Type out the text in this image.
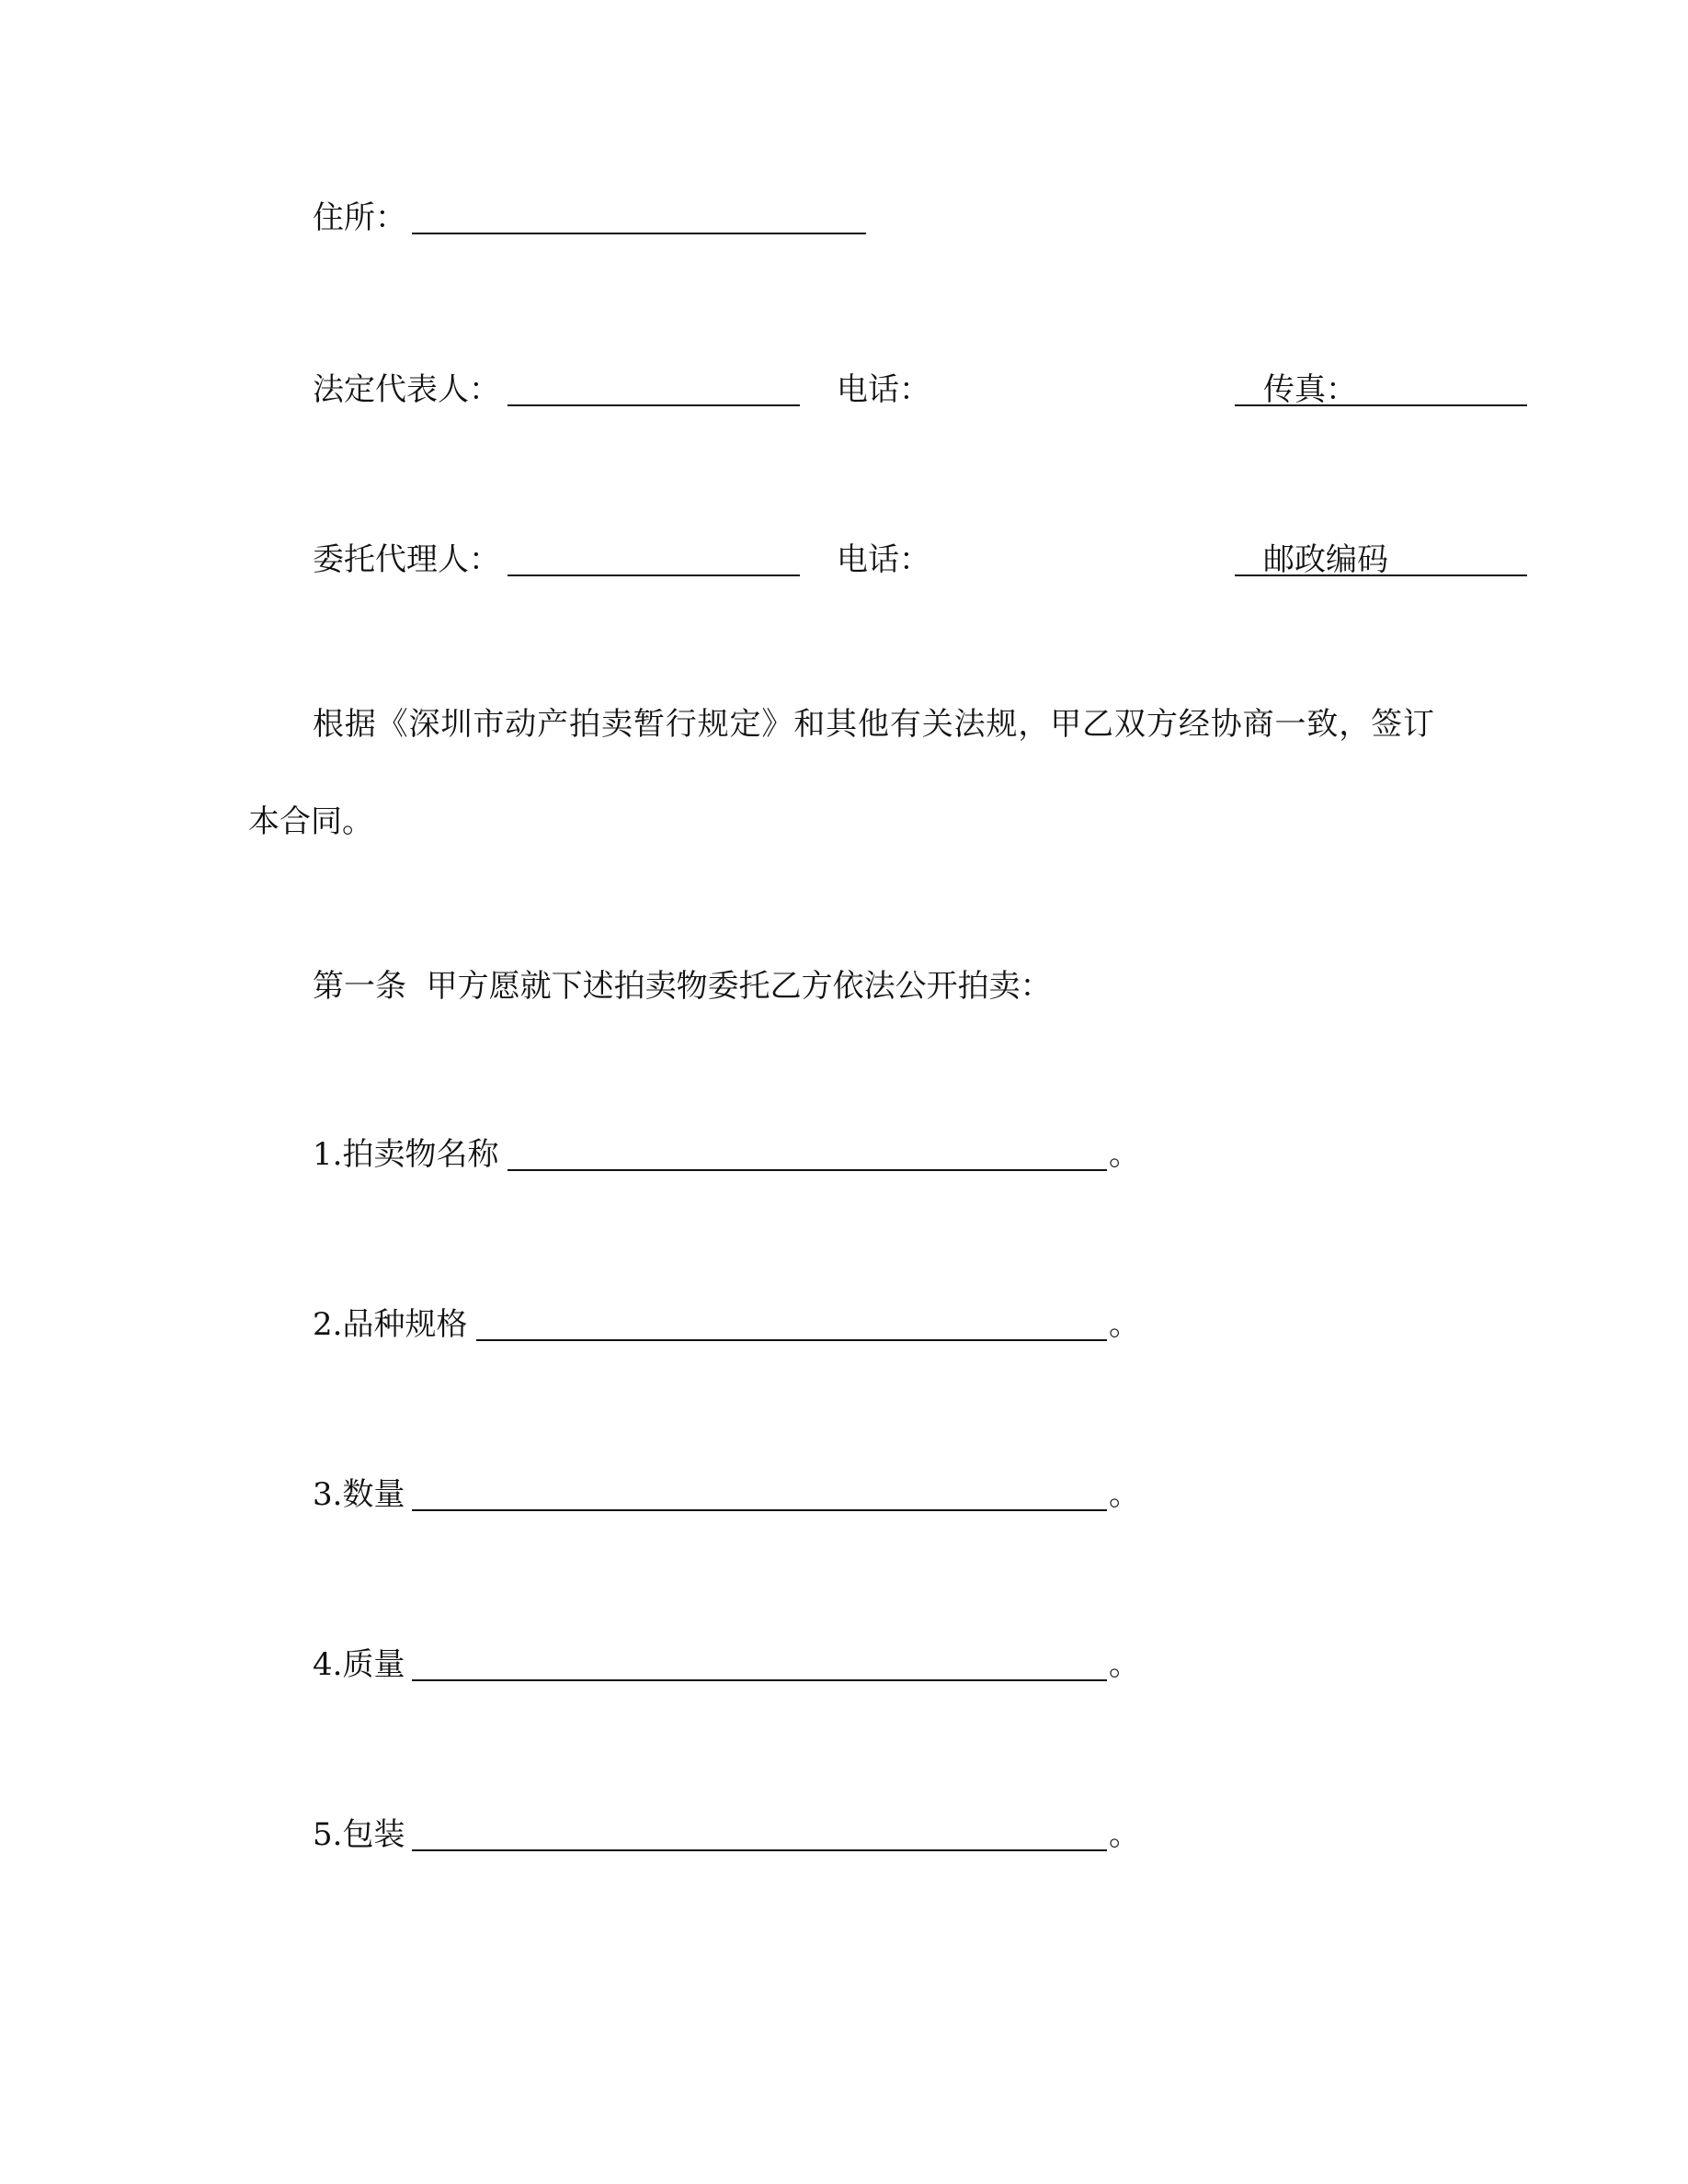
住所：
法定代表人：
	电话：
	传真：
委托代理人：
	电话：
	邮政编码
根据《深圳市动产拍卖暂行规定》和其他有关法规，甲乙双方经协商一致，签订本合同。
第一条  甲方愿就下述拍卖物委托乙方依法公开拍卖：
1.拍卖物名称	。
2.品种规格	。
3.数量	。
4.质量	。
5.包装	。
